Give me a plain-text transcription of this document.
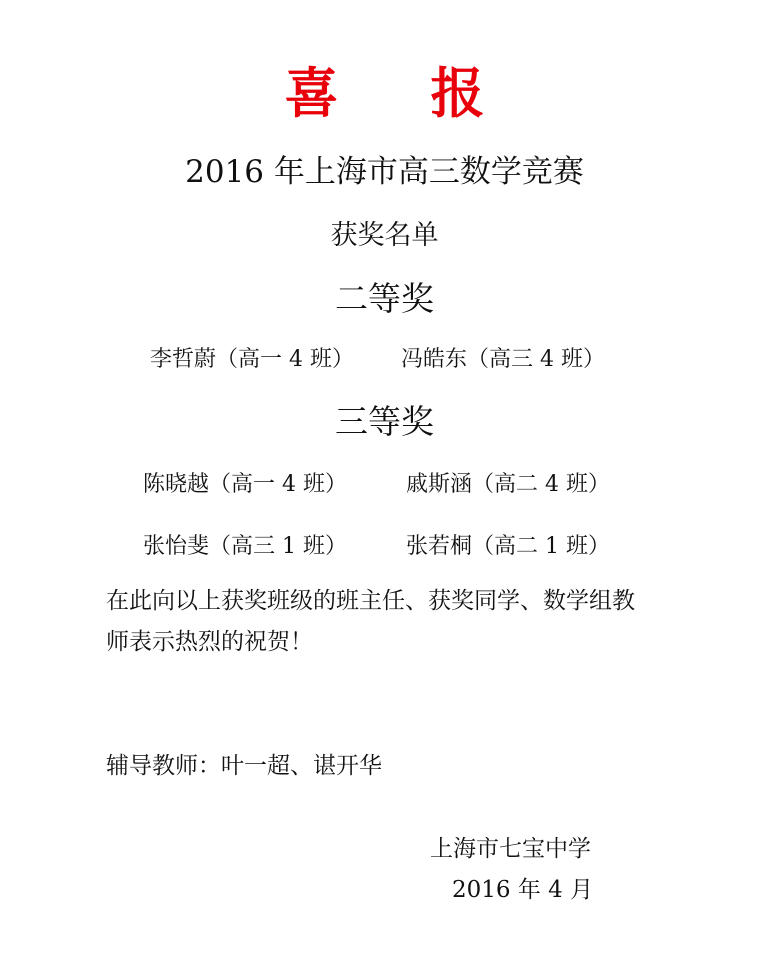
喜 报
2016 年上海市高三数学竞赛
获奖名单
二等奖
李哲蔚（高一 4 班） 冯皓东（高三 4 班）
三等奖
陈晓越（高一 4 班）	戚斯涵（高二 4 班）
张怡斐（高三 1 班）	张若桐（高二 1 班）
在此向以上获奖班级的班主任、获奖同学、数学组教
师表示热烈的祝贺！
辅导教师：叶一超、谌开华
上海市七宝中学
2016 年 4 月
